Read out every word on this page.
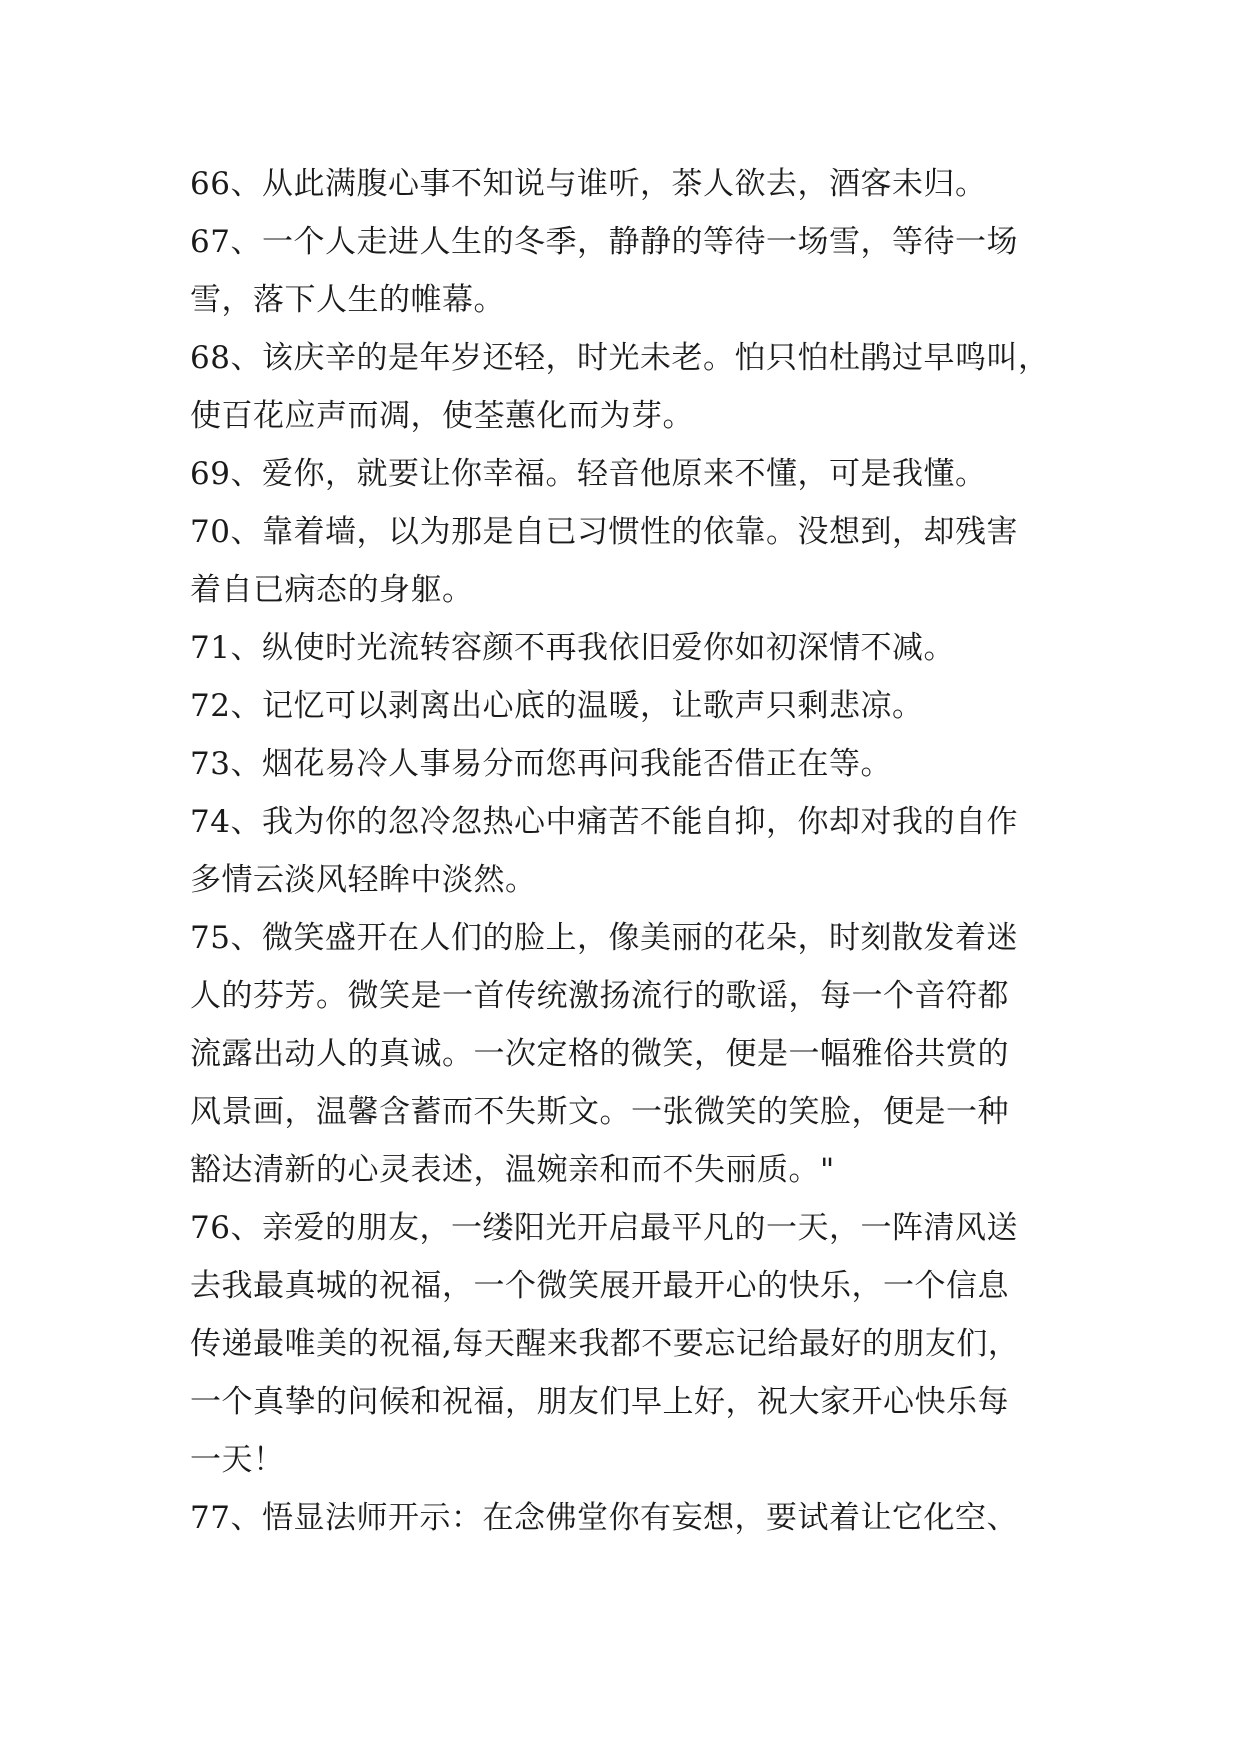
66、从此满腹心事不知说与谁听，茶人欲去，酒客未归。
67、一个人走进人生的冬季，静静的等待一场雪，等待一场
雪，落下人生的帷幕。
68、该庆辛的是年岁还轻，时光未老。怕只怕杜鹃过早鸣叫，
使百花应声而凋，使荃蕙化而为芽。
69、爱你，就要让你幸福。轻音他原来不懂，可是我懂。
70、靠着墙，以为那是自已习惯性的依靠。没想到，却残害
着自已病态的身躯。
71、纵使时光流转容颜不再我依旧爱你如初深情不减。
72、记忆可以剥离出心底的温暖，让歌声只剩悲凉。
73、烟花易冷人事易分而您再问我能否借正在等。
74、我为你的忽冷忽热心中痛苦不能自抑，你却对我的自作
多情云淡风轻眸中淡然。
75、微笑盛开在人们的脸上，像美丽的花朵，时刻散发着迷
人的芬芳。微笑是一首传统激扬流行的歌谣，每一个音符都
流露出动人的真诚。一次定格的微笑，便是一幅雅俗共赏的
风景画，温馨含蓄而不失斯文。一张微笑的笑脸，便是一种
豁达清新的心灵表述，温婉亲和而不失丽质。"
76、亲爱的朋友，一缕阳光开启最平凡的一天，一阵清风送
去我最真城的祝福，一个微笑展开最开心的快乐，一个信息
传递最唯美的祝福,每天醒来我都不要忘记给最好的朋友们，
一个真挚的问候和祝福，朋友们早上好，祝大家开心快乐每
一天！
77、悟显法师开示：在念佛堂你有妄想，要试着让它化空、
